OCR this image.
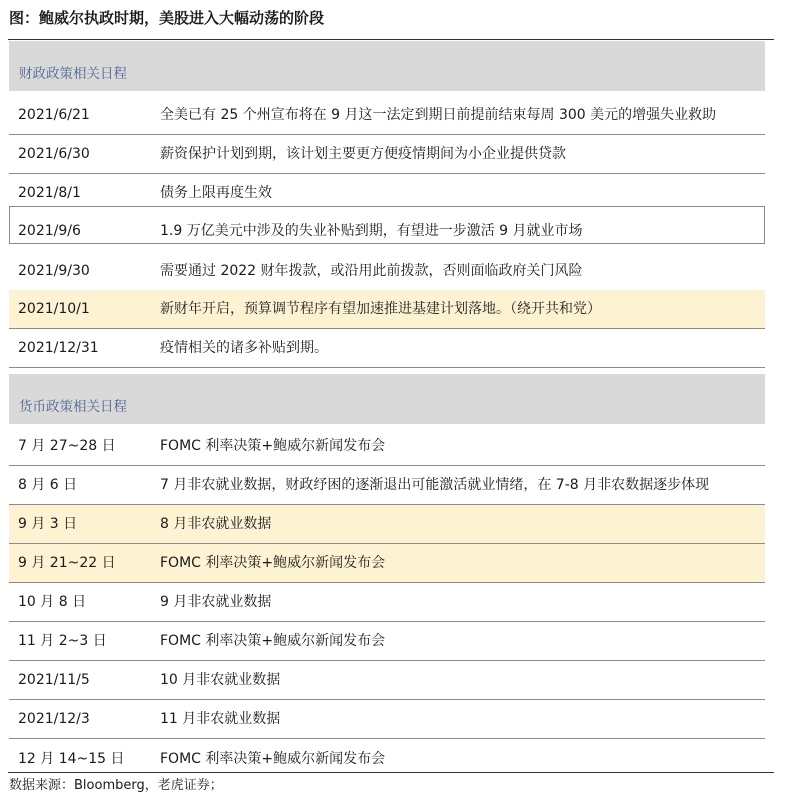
图：鲍威尔执政时期，美股进入大幅动荡的阶段
财政政策相关日程
2021/6/21	全美已有 25 个州宣布将在 9 月这一法定到期日前提前结束每周 300 美元的增强失业救助
2021/6/30	薪资保护计划到期，该计划主要更方便疫情期间为小企业提供贷款
2021/8/1	债务上限再度生效
2021/9/6	1.9 万亿美元中涉及的失业补贴到期，有望进一步激活 9 月就业市场
2021/9/30	需要通过 2022 财年拨款，或沿用此前拨款，否则面临政府关门风险
2021/10/1	新财年开启，预算调节程序有望加速推进基建计划落地。（绕开共和党）
2021/12/31	疫情相关的诸多补贴到期。
货币政策相关日程
7 月 27~28 日	FOMC 利率决策+鲍威尔新闻发布会
8 月 6 日	7 月非农就业数据，财政纾困的逐渐退出可能激活就业情绪，在 7-8 月非农数据逐步体现
9 月 3 日	8 月非农就业数据
9 月 21~22 日	FOMC 利率决策+鲍威尔新闻发布会
10 月 8 日	9 月非农就业数据
11 月 2~3 日	FOMC 利率决策+鲍威尔新闻发布会
2021/11/5	10 月非农就业数据
2021/12/3	11 月非农就业数据
12 月 14~15 日	FOMC 利率决策+鲍威尔新闻发布会
数据来源：Bloomberg，老虎证券；
